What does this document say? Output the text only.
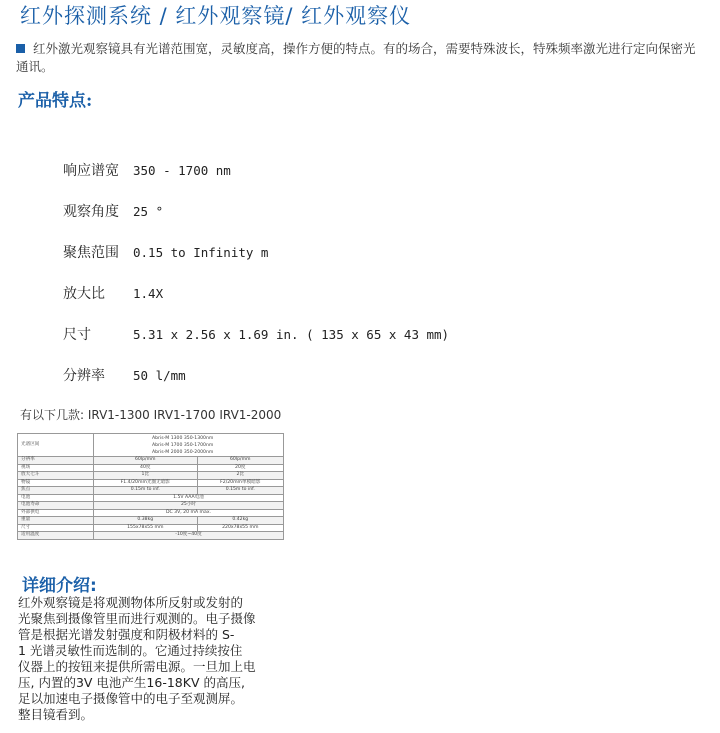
红外探测系统 / 红外观察镜/ 红外观察仪
红外激光观察镜具有光谱范围宽，灵敏度高，操作方便的特点。有的场合，需要特殊波长，特殊频率激光进行定向保密光通讯。
产品特点:
响应谱宽 350 - 1700 nm
观察角度 25 °
聚焦范围 0.15 to Infinity m
放大比 1.4X
尺寸	5.31 x 2.56 x 1.69 in. ( 135 x 65 x 43 mm)
分辨率 50 l/mm
有以下几款: IRV1-1300 IRV1-1700 IRV1-2000
光谱区间	Abris-M 1300 350-1300nm
Abris-M 1700 350-1700nm
Abris-M 2000 350-2000nm	

分辨率	60lp/mm	60lp/mm
视场	40度	20度
放大七斗	1比	2比
物镜	F1.4/20mm光圈无暗影	F2/20mm单模暗影
焦点	0.15m to inf.	0.15m to inf.
电池	1.5V AAA电池	
电池寿命	25小时	
外部供电	DC 3V, 20 mA max.	
重量	0.38kg	0.42kg
尺寸	155x78x55 mm	220x78x55 mm
适用温度	-10度~40度	
详细介绍:
红外观察镜是将观测物体所反射或发射的
光聚焦到摄像管里而进行观测的。电子摄像
管是根据光谱发射强度和阴极材料的 S-
1 光谱灵敏性而选制的。它通过持续按住
仪器上的按钮来提供所需电源。一旦加上电
压, 内置的3V 电池产生16-18KV 的高压,
足以加速电子摄像管中的电子至观测屏。
整目镜看到。
